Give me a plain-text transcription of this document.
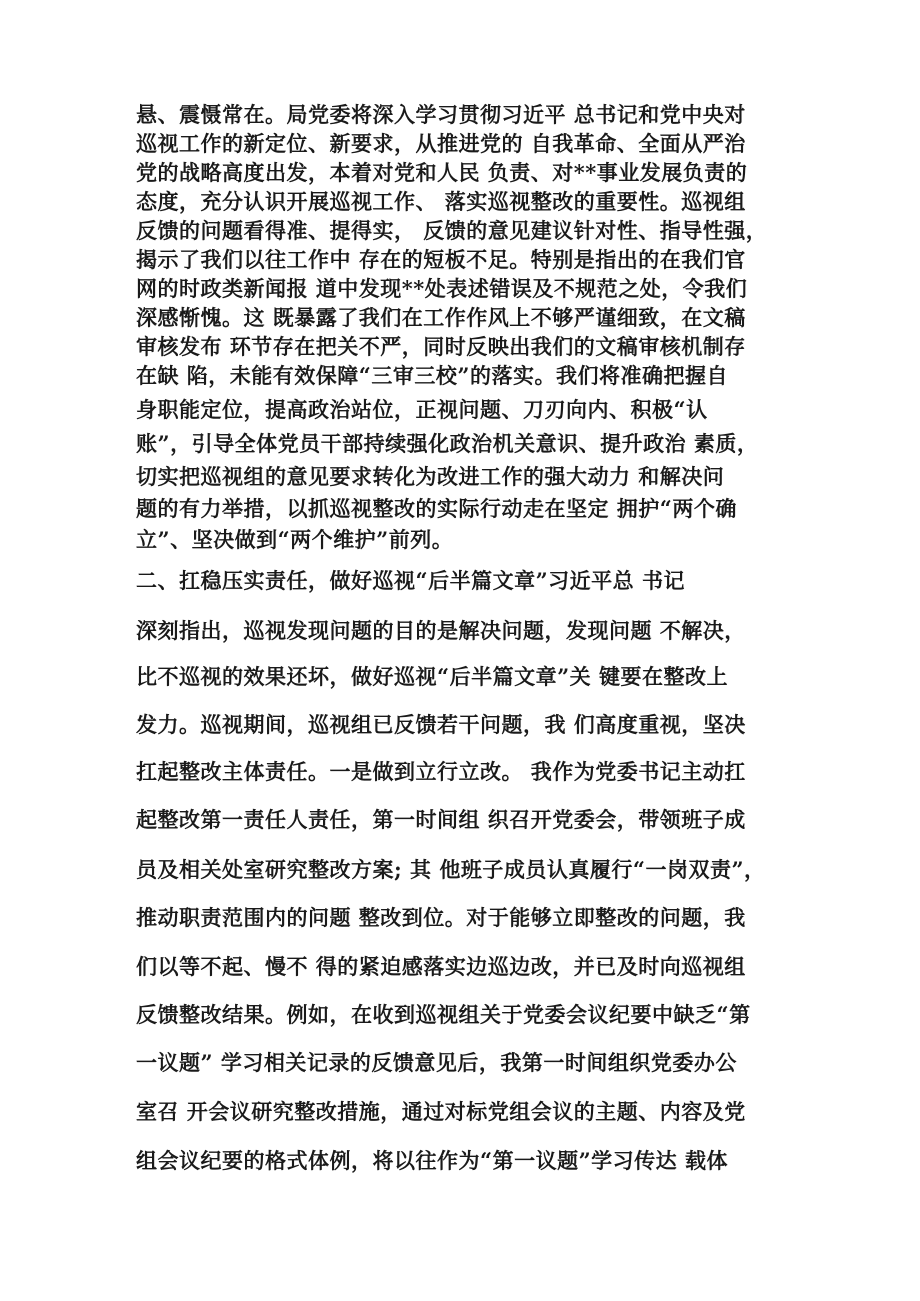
悬、震慑常在。局党委将深入学习贯彻习近平 总书记和党中央对
巡视工作的新定位、新要求，从推进党的 自我革命、全面从严治
党的战略高度出发，本着对党和人民 负责、对**事业发展负责的
态度，充分认识开展巡视工作、 落实巡视整改的重要性。巡视组
反馈的问题看得准、提得实， 反馈的意见建议针对性、指导性强，
揭示了我们以往工作中 存在的短板不足。特别是指出的在我们官
网的时政类新闻报 道中发现**处表述错误及不规范之处，令我们
深感惭愧。这 既暴露了我们在工作作风上不够严谨细致，在文稿
审核发布 环节存在把关不严，同时反映出我们的文稿审核机制存
在缺 陷，未能有效保障“三审三校”的落实。我们将准确把握自
身职能定位，提高政治站位，正视问题、刀刃向内、积极“认
账”，引导全体党员干部持续强化政治机关意识、提升政治 素质，
切实把巡视组的意见要求转化为改进工作的强大动力 和解决问
题的有力举措，以抓巡视整改的实际行动走在坚定 拥护“两个确
立”、坚决做到“两个维护”前列。
二、扛稳压实责任，做好巡视“后半篇文章”习近平总 书记
深刻指出，巡视发现问题的目的是解决问题，发现问题 不解决，
比不巡视的效果还坏，做好巡视“后半篇文章”关 键要在整改上
发力。巡视期间，巡视组已反馈若干问题，我 们高度重视，坚决
扛起整改主体责任。一是做到立行立改。 我作为党委书记主动扛
起整改第一责任人责任，第一时间组 织召开党委会，带领班子成
员及相关处室研究整改方案; 其 他班子成员认真履行“一岗双责”，
推动职责范围内的问题 整改到位。对于能够立即整改的问题，我
们以等不起、慢不 得的紧迫感落实边巡边改，并已及时向巡视组
反馈整改结果。例如，在收到巡视组关于党委会议纪要中缺乏“第
一议题” 学习相关记录的反馈意见后，我第一时间组织党委办公
室召 开会议研究整改措施，通过对标党组会议的主题、内容及党
组会议纪要的格式体例，将以往作为“第一议题”学习传达 载体
